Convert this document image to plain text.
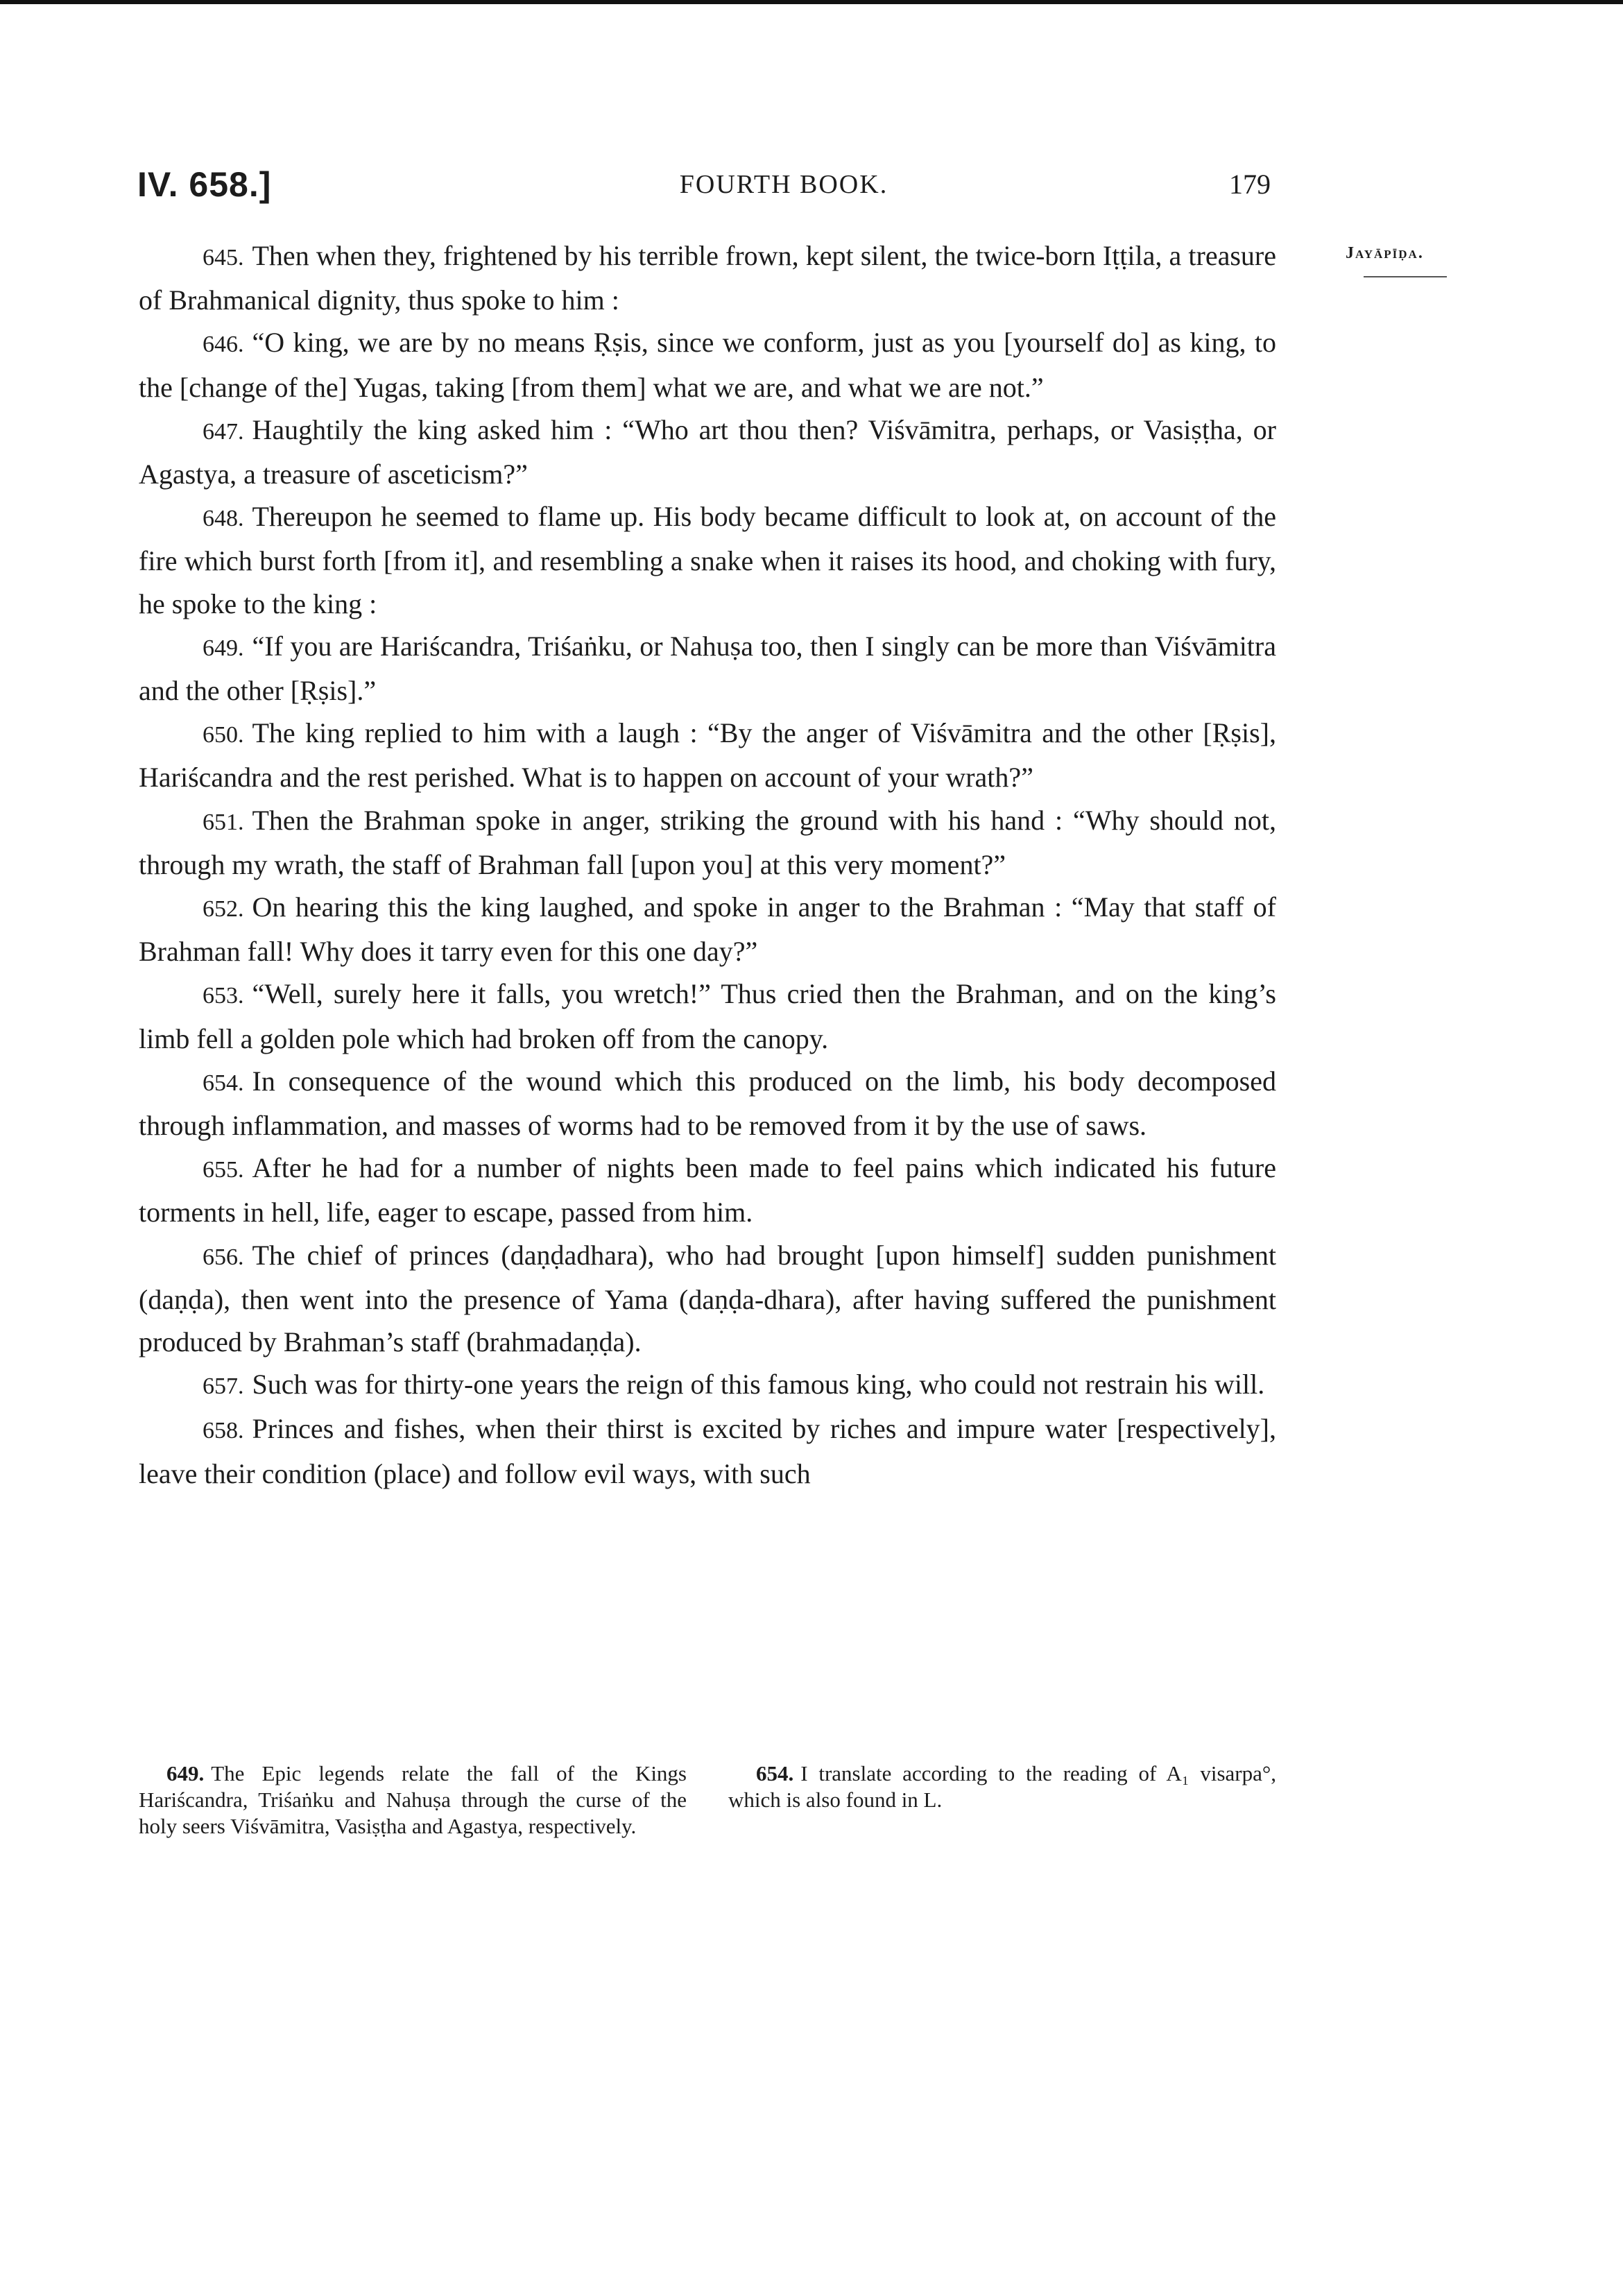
IV. 658.]	FOURTH BOOK.	179
Jayāpīḍa.

645. Then when they, frightened by his terrible frown, kept silent, the twice-born Iṭṭila, a treasure of Brahmanical dignity, thus spoke to him :

646. “O king, we are by no means Ṛṣis, since we conform, just as you [yourself do] as king, to the [change of the] Yugas, taking [from them] what we are, and what we are not.”

647. Haughtily the king asked him : “Who art thou then? Viśvāmitra, perhaps, or Vasiṣṭha, or Agastya, a treasure of asceticism?”

648. Thereupon he seemed to flame up. His body became difficult to look at, on account of the fire which burst forth [from it], and resembling a snake when it raises its hood, and choking with fury, he spoke to the king :

649. “If you are Hariścandra, Triśaṅku, or Nahuṣa too, then I singly can be more than Viśvāmitra and the other [Ṛṣis].”

650. The king replied to him with a laugh : “By the anger of Viśvāmitra and the other [Ṛṣis], Hariścandra and the rest perished. What is to happen on account of your wrath?”

651. Then the Brahman spoke in anger, striking the ground with his hand : “Why should not, through my wrath, the staff of Brahman fall [upon you] at this very moment?”

652. On hearing this the king laughed, and spoke in anger to the Brahman : “May that staff of Brahman fall! Why does it tarry even for this one day?”

653. “Well, surely here it falls, you wretch!” Thus cried then the Brahman, and on the king’s limb fell a golden pole which had broken off from the canopy.

654. In consequence of the wound which this produced on the limb, his body decomposed through inflammation, and masses of worms had to be removed from it by the use of saws.

655. After he had for a number of nights been made to feel pains which indicated his future torments in hell, life, eager to escape, passed from him.

656. The chief of princes (daṇḍadhara), who had brought [upon himself] sudden punishment (daṇḍa), then went into the presence of Yama (daṇḍa-dhara), after having suffered the punishment produced by Brahman’s staff (brahmadaṇḍa).

657. Such was for thirty-one years the reign of this famous king, who could not restrain his will.

658. Princes and fishes, when their thirst is excited by riches and impure water [respectively], leave their condition (place) and follow evil ways, with such

649. The Epic legends relate the fall of the Kings Hariścandra, Triśaṅku and Nahuṣa through the curse of the holy seers Viśvāmitra, Vasiṣṭha and Agastya, respectively.

654. I translate according to the reading of A₁ visarpa°, which is also found in L.
